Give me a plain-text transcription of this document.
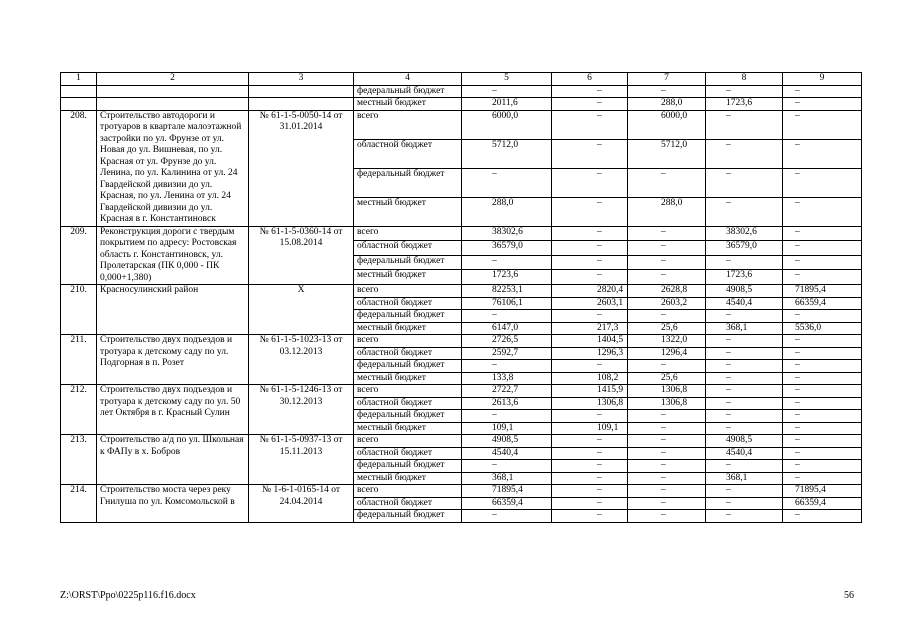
1	2	3	4	5	6	7	8	9
			федеральный бюджет	–	–	–	–	–
			местный бюджет	2011,6	–	288,0	1723,6	–
208.	Строительство автодороги и тротуаров в квартале малоэтажной застройки по ул. Фрунзе от ул. Новая до ул. Вишневая, по ул. Красная от ул. Фрунзе до ул. Ленина, по ул. Калинина от ул. 24 Гвардейской дивизии до ул. Красная, по ул. Ленина от ул. 24 Гвардейской дивизии до ул. Красная в г. Константиновск	№ 61-1-5-0050-14 от 31.01.2014	всего	6000,0	–	6000,0	–	–
			областной бюджет	5712,0	–	5712,0	–	–
			федеральный бюджет	–	–	–	–	–
			местный бюджет	288,0	–	288,0	–	–
209.	Реконструкция дороги с твердым покрытием по адресу: Ростовская область г. Константиновск, ул. Пролетарская (ПК 0,000 - ПК 0,000+1,380)	№ 61-1-5-0360-14 от 15.08.2014	всего	38302,6	–	–	38302,6	–
			областной бюджет	36579,0	–	–	36579,0	–
			федеральный бюджет	–	–	–	–	–
			местный бюджет	1723,6	–	–	1723,6	–
210.	Красносулинский район	Х	всего	82253,1	2820,4	2628,8	4908,5	71895,4
			областной бюджет	76106,1	2603,1	2603,2	4540,4	66359,4
			федеральный бюджет	–	–	–	–	–
			местный бюджет	6147,0	217,3	25,6	368,1	5536,0
211.	Строительство двух подъездов и тротуара к детскому саду по ул. Подгорная в п. Розет	№ 61-1-5-1023-13 от 03.12.2013	всего	2726,5	1404,5	1322,0	–	–
			областной бюджет	2592,7	1296,3	1296,4	–	–
			федеральный бюджет	–	–	–	–	–
			местный бюджет	133,8	108,2	25,6	–	–
212.	Строительство двух подъездов и тротуара к детскому саду по ул. 50 лет Октября в г. Красный Сулин	№ 61-1-5-1246-13 от 30.12.2013	всего	2722,7	1415,9	1306,8	–	–
			областной бюджет	2613,6	1306,8	1306,8	–	–
			федеральный бюджет	–	–	–	–	–
			местный бюджет	109,1	109,1	–	–	–
213.	Строительство а/д по ул. Школьная к ФАПу в х. Бобров	№ 61-1-5-0937-13 от 15.11.2013	всего	4908,5	–	–	4908,5	–
			областной бюджет	4540,4	–	–	4540,4	–
			федеральный бюджет	–	–	–	–	–
			местный бюджет	368,1	–	–	368,1	–
214.	Строительство моста через реку Гнилуша по ул. Комсомольской в	№ 1-6-1-0165-14 от 24.04.2014	всего	71895,4	–	–	–	71895,4
			областной бюджет	66359,4	–	–	–	66359,4
			федеральный бюджет	–	–	–	–	–
Z:\ORST\Ppo\0225p116.f16.docx	56
